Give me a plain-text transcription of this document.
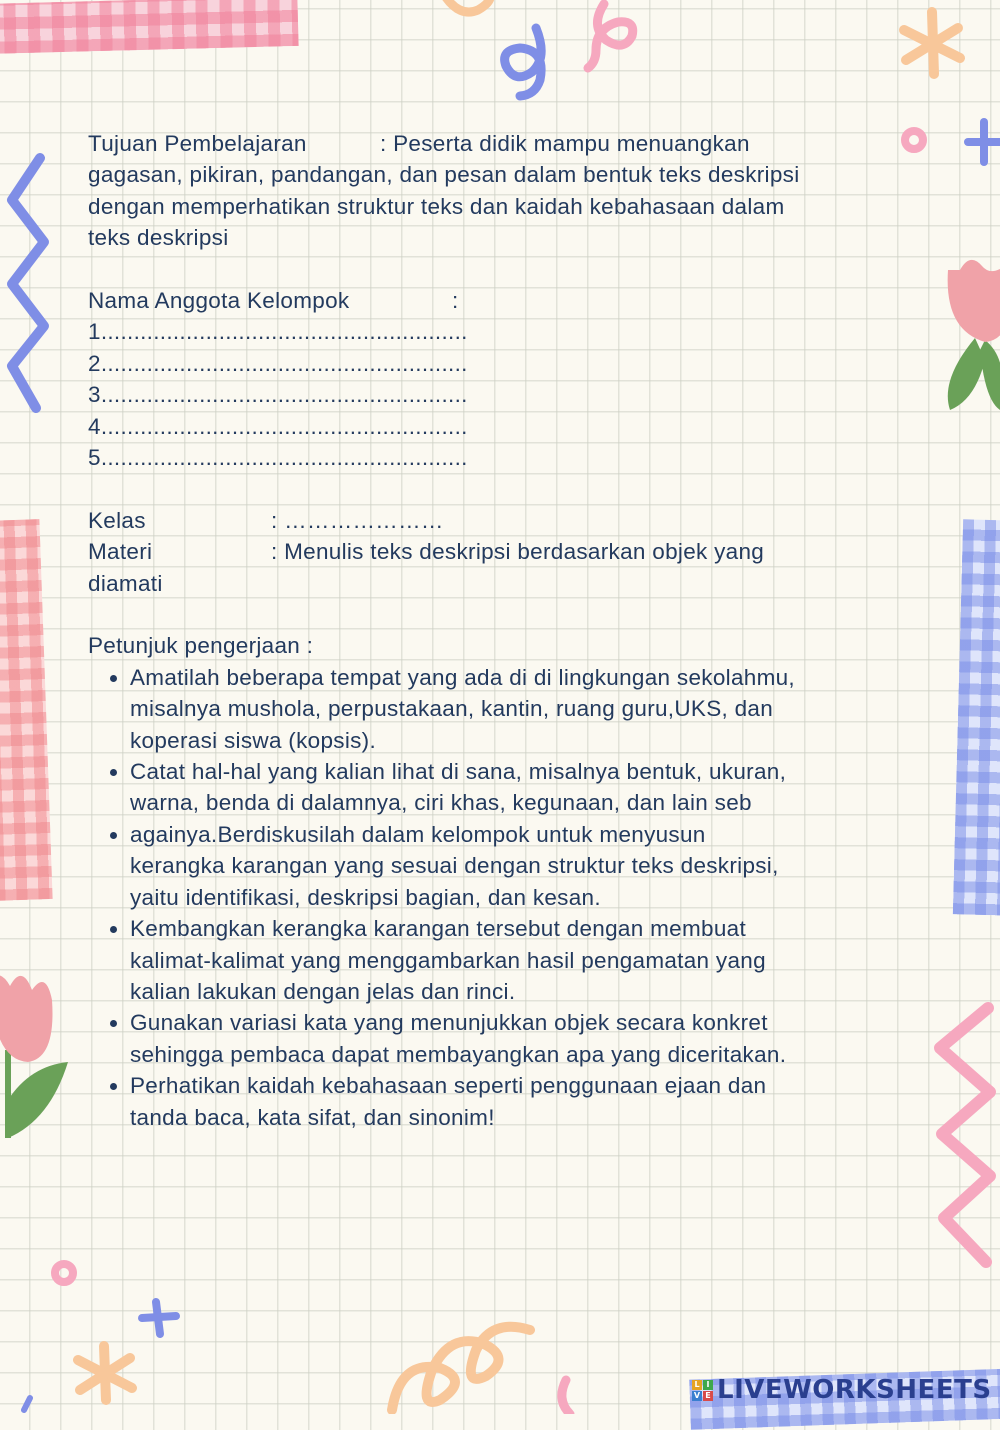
Tujuan Pembelajaran	: Peserta didik mampu menuangkan
gagasan, pikiran, pandangan, dan pesan dalam bentuk teks deskripsi
dengan memperhatikan struktur teks dan kaidah kebahasaan dalam
teks deskripsi
Nama Anggota Kelompok	:
1........................................................
2........................................................
3........................................................
4........................................................
5........................................................
Kelas	: …………………
Materi	: Menulis teks deskripsi berdasarkan objek yang
diamati
Petunjuk pengerjaan :
• Amatilah beberapa tempat yang ada di di lingkungan sekolahmu,
misalnya mushola, perpustakaan, kantin, ruang guru,UKS, dan
koperasi siswa (kopsis).
• Catat hal-hal yang kalian lihat di sana, misalnya bentuk, ukuran,
warna, benda di dalamnya, ciri khas, kegunaan, dan lain seb
• againya.Berdiskusilah dalam kelompok untuk menyusun
kerangka karangan yang sesuai dengan struktur teks deskripsi,
yaitu identifikasi, deskripsi bagian, dan kesan.
• Kembangkan kerangka karangan tersebut dengan membuat
kalimat-kalimat yang menggambarkan hasil pengamatan yang
kalian lakukan dengan jelas dan rinci.
• Gunakan variasi kata yang menunjukkan objek secara konkret
sehingga pembaca dapat membayangkan apa yang diceritakan.
• Perhatikan kaidah kebahasaan seperti penggunaan ejaan dan
tanda baca, kata sifat, dan sinonim!
L I
V E LIVEWORKSHEETS
